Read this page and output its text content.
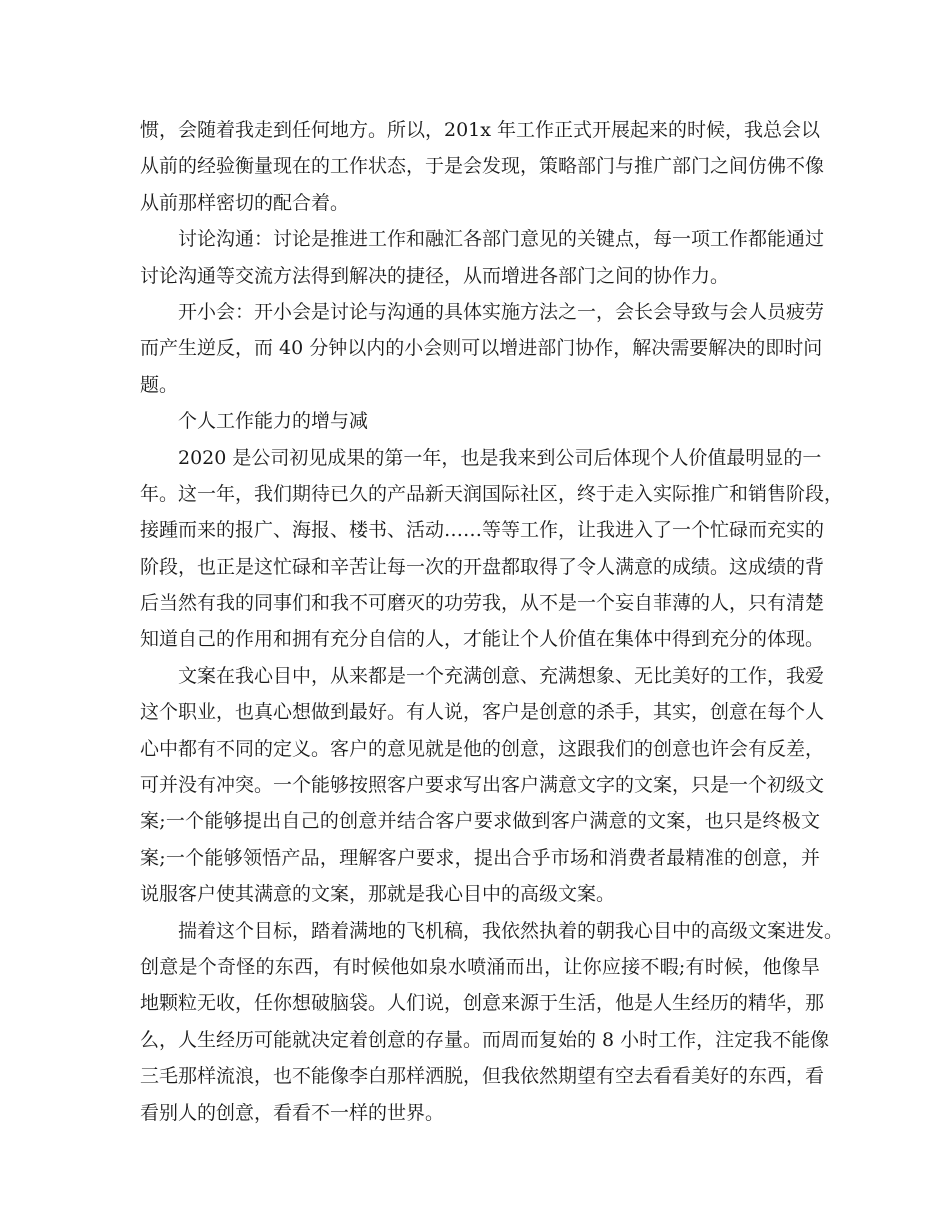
惯，会随着我走到任何地方。所以，201x 年工作正式开展起来的时候，我总会以
从前的经验衡量现在的工作状态，于是会发现，策略部门与推广部门之间仿佛不像
从前那样密切的配合着。
讨论沟通：讨论是推进工作和融汇各部门意见的关键点，每一项工作都能通过
讨论沟通等交流方法得到解决的捷径，从而增进各部门之间的协作力。
开小会：开小会是讨论与沟通的具体实施方法之一，会长会导致与会人员疲劳
而产生逆反，而 40 分钟以内的小会则可以增进部门协作，解决需要解决的即时问
题。
个人工作能力的增与减
2020 是公司初见成果的第一年，也是我来到公司后体现个人价值最明显的一
年。这一年，我们期待已久的产品新天润国际社区，终于走入实际推广和销售阶段，
接踵而来的报广、海报、楼书、活动……等等工作，让我进入了一个忙碌而充实的
阶段，也正是这忙碌和辛苦让每一次的开盘都取得了令人满意的成绩。这成绩的背
后当然有我的同事们和我不可磨灭的功劳我，从不是一个妄自菲薄的人，只有清楚
知道自己的作用和拥有充分自信的人，才能让个人价值在集体中得到充分的体现。
文案在我心目中，从来都是一个充满创意、充满想象、无比美好的工作，我爱
这个职业，也真心想做到最好。有人说，客户是创意的杀手，其实，创意在每个人
心中都有不同的定义。客户的意见就是他的创意，这跟我们的创意也许会有反差，
可并没有冲突。一个能够按照客户要求写出客户满意文字的文案，只是一个初级文
案;一个能够提出自己的创意并结合客户要求做到客户满意的文案，也只是终极文
案;一个能够领悟产品，理解客户要求，提出合乎市场和消费者最精准的创意，并
说服客户使其满意的文案，那就是我心目中的高级文案。
揣着这个目标，踏着满地的飞机稿，我依然执着的朝我心目中的高级文案进发。
创意是个奇怪的东西，有时候他如泉水喷涌而出，让你应接不暇;有时候，他像旱
地颗粒无收，任你想破脑袋。人们说，创意来源于生活，他是人生经历的精华，那
么，人生经历可能就决定着创意的存量。而周而复始的 8 小时工作，注定我不能像
三毛那样流浪，也不能像李白那样洒脱，但我依然期望有空去看看美好的东西，看
看别人的创意，看看不一样的世界。
